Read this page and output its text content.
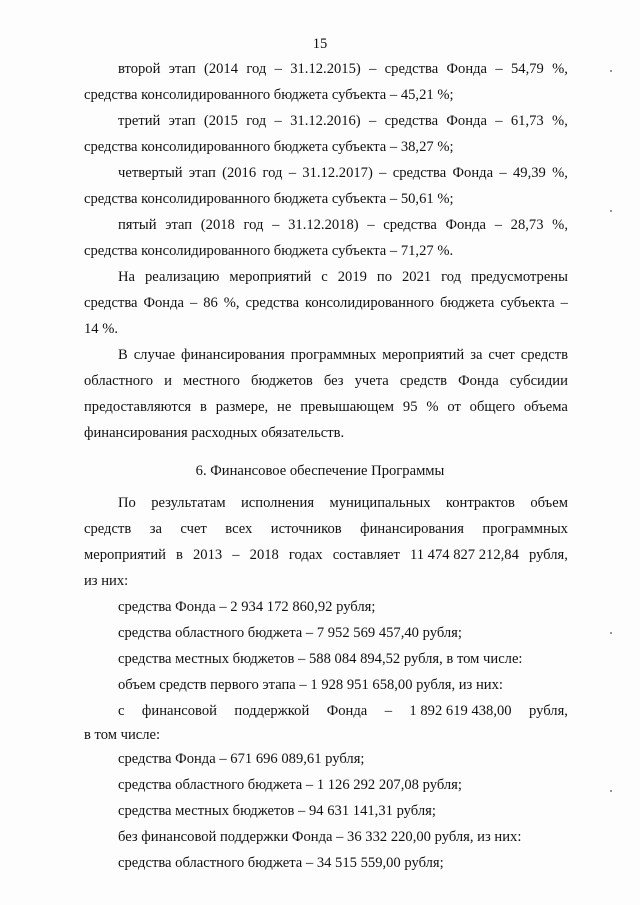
15
второй этап (2014 год – 31.12.2015) – средства Фонда – 54,79 %,
средства консолидированного бюджета субъекта – 45,21 %;
третий этап (2015 год – 31.12.2016) – средства Фонда – 61,73 %,
средства консолидированного бюджета субъекта – 38,27 %;
четвертый этап (2016 год – 31.12.2017) – средства Фонда – 49,39 %,
средства консолидированного бюджета субъекта – 50,61 %;
пятый этап (2018 год – 31.12.2018) – средства Фонда – 28,73 %,
средства консолидированного бюджета субъекта – 71,27 %.
На реализацию мероприятий с 2019 по 2021 год предусмотрены
средства Фонда – 86 %, средства консолидированного бюджета субъекта –
14 %.
В случае финансирования программных мероприятий за счет средств
областного и местного бюджетов без учета средств Фонда субсидии
предоставляются в размере, не превышающем 95 % от общего объема
финансирования расходных обязательств.
6. Финансовое обеспечение Программы
По результатам исполнения муниципальных контрактов объем
средств за счет всех источников финансирования программных
мероприятий в 2013 – 2018 годах составляет 11 474 827 212,84 рубля,
из них:
средства Фонда – 2 934 172 860,92 рубля;
средства областного бюджета – 7 952 569 457,40 рубля;
средства местных бюджетов – 588 084 894,52 рубля, в том числе:
объем средств первого этапа – 1 928 951 658,00 рубля, из них:
с финансовой поддержкой Фонда – 1 892 619 438,00 рубля,
в том числе:
средства Фонда – 671 696 089,61 рубля;
средства областного бюджета – 1 126 292 207,08 рубля;
средства местных бюджетов – 94 631 141,31 рубля;
без финансовой поддержки Фонда – 36 332 220,00 рубля, из них:
средства областного бюджета – 34 515 559,00 рубля;
